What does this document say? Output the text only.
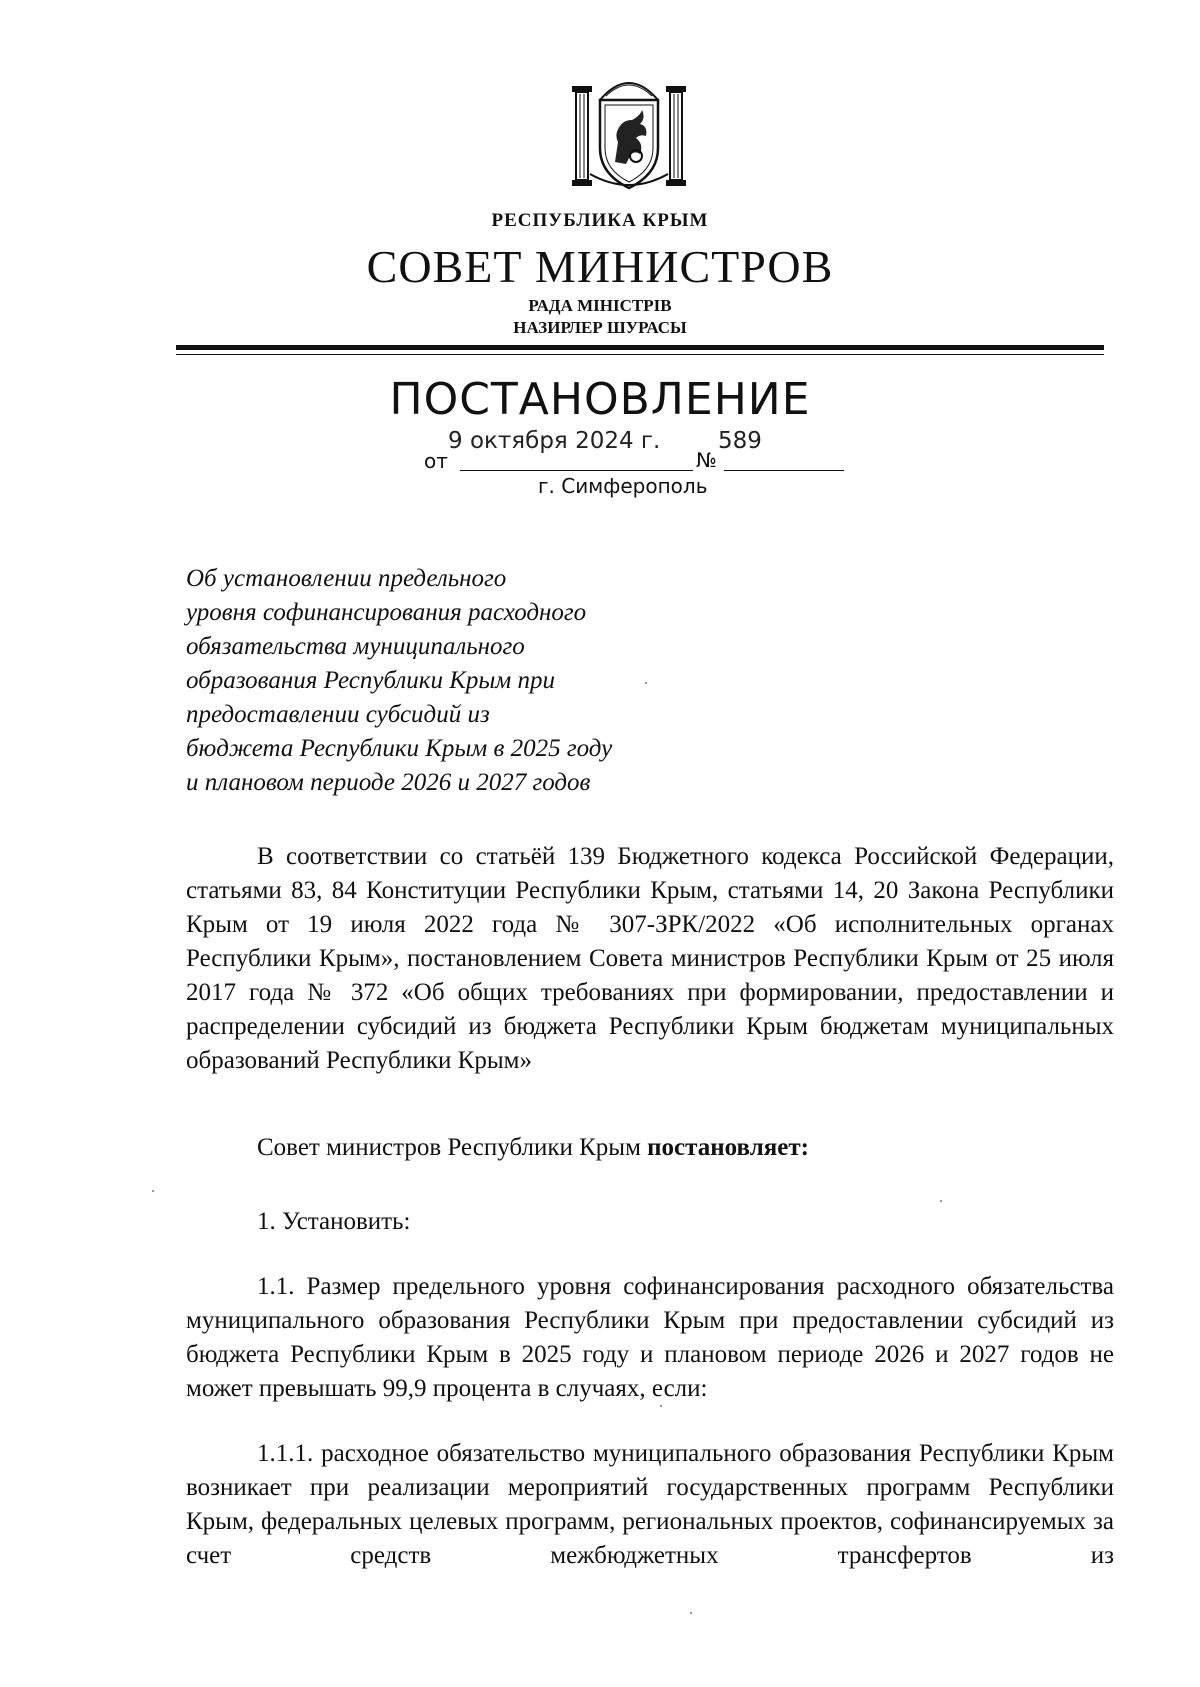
РЕСПУБЛИКА КРЫМ
СОВЕТ МИНИСТРОВ
РАДА МІНІСТРІВ
НАЗИРЛЕР ШУРАСЫ
ПОСТАНОВЛЕНИЕ
9 октября 2024 г.	589
от	№
г. Симферополь
Об установлении предельного
уровня софинансирования расходного
обязательства муниципального
образования Республики Крым при
предоставлении субсидий из
бюджета Республики Крым в 2025 году
и плановом периоде 2026 и 2027 годов
В соответствии со статьёй 139 Бюджетного кодекса Российской Федерации, статьями 83, 84 Конституции Республики Крым, статьями 14, 20 Закона Республики Крым от 19 июля 2022 года № 307-ЗРК/2022 «Об исполнительных органах Республики Крым», постановлением Совета министров Республики Крым от 25 июля 2017 года № 372 «Об общих требованиях при формировании, предоставлении и распределении субсидий из бюджета Республики Крым бюджетам муниципальных образований Республики Крым»
Совет министров Республики Крым постановляет:
1. Установить:
1.1. Размер предельного уровня софинансирования расходного обязательства муниципального образования Республики Крым при предоставлении субсидий из бюджета Республики Крым в 2025 году и плановом периоде 2026 и 2027 годов не может превышать 99,9 процента в случаях, если:
1.1.1. расходное обязательство муниципального образования Республики Крым возникает при реализации мероприятий государственных программ Республики Крым, федеральных целевых программ, региональных проектов, софинансируемых за счет средств межбюджетных трансфертов из
